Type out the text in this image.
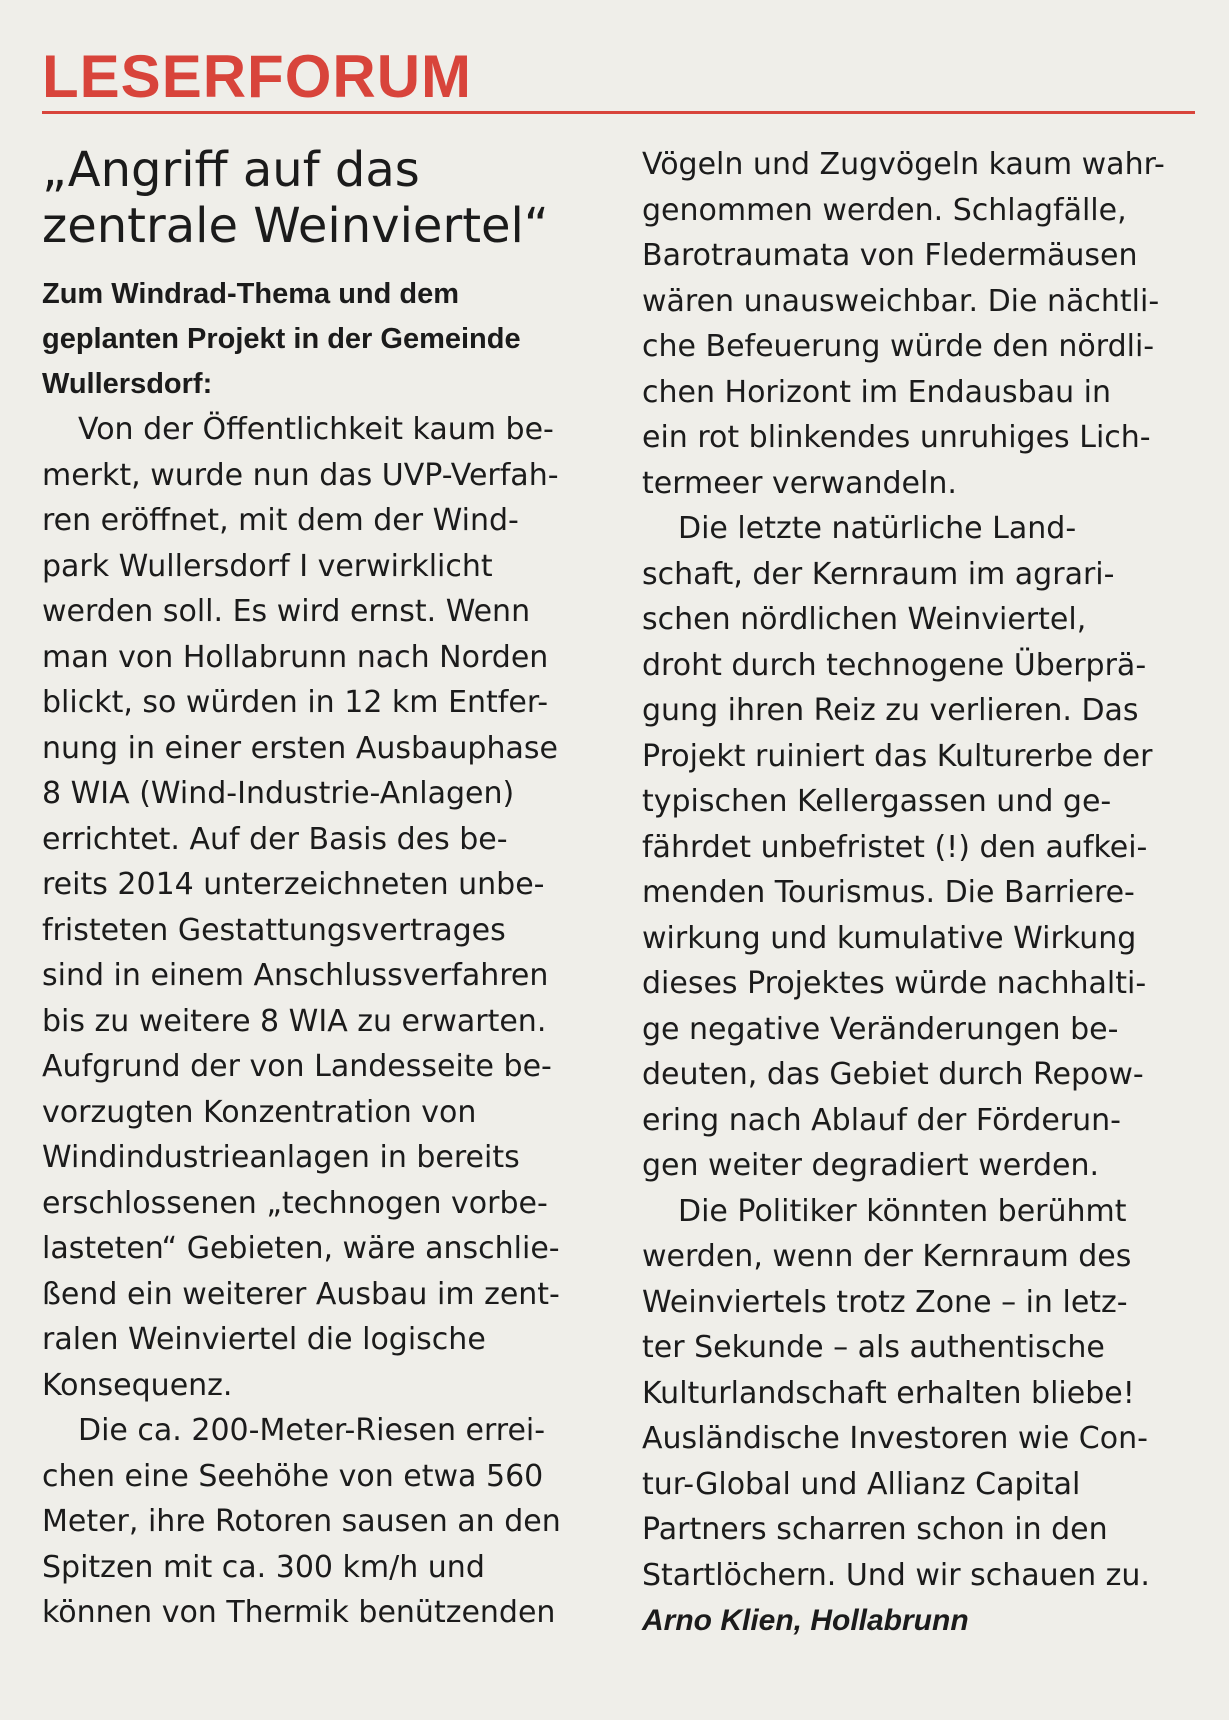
LESERFORUM
„Angriff auf das
zentrale Weinviertel“

Zum Windrad-Thema und dem
geplanten Projekt in der Gemeinde
Wullersdorf:

Von der Öffentlichkeit kaum be-
merkt, wurde nun das UVP-Verfah-
ren eröffnet, mit dem der Wind-
park Wullersdorf I verwirklicht
werden soll. Es wird ernst. Wenn
man von Hollabrunn nach Norden
blickt, so würden in 12 km Entfer-
nung in einer ersten Ausbauphase
8 WIA (Wind-Industrie-Anlagen)
errichtet. Auf der Basis des be-
reits 2014 unterzeichneten unbe-
fristeten Gestattungsvertrages
sind in einem Anschlussverfahren
bis zu weitere 8 WIA zu erwarten.
Aufgrund der von Landesseite be-
vorzugten Konzentration von
Windindustrieanlagen in bereits
erschlossenen „technogen vorbe-
lasteten“ Gebieten, wäre anschlie-
ßend ein weiterer Ausbau im zent-
ralen Weinviertel die logische
Konsequenz.
Die ca. 200-Meter-Riesen errei-
chen eine Seehöhe von etwa 560
Meter, ihre Rotoren sausen an den
Spitzen mit ca. 300 km/h und
können von Thermik benützenden
Vögeln und Zugvögeln kaum wahr-
genommen werden. Schlagfälle,
Barotraumata von Fledermäusen
wären unausweichbar. Die nächtli-
che Befeuerung würde den nördli-
chen Horizont im Endausbau in
ein rot blinkendes unruhiges Lich-
termeer verwandeln.
Die letzte natürliche Land-
schaft, der Kernraum im agrari-
schen nördlichen Weinviertel,
droht durch technogene Überprä-
gung ihren Reiz zu verlieren. Das
Projekt ruiniert das Kulturerbe der
typischen Kellergassen und ge-
fährdet unbefristet (!) den aufkei-
menden Tourismus. Die Barriere-
wirkung und kumulative Wirkung
dieses Projektes würde nachhalti-
ge negative Veränderungen be-
deuten, das Gebiet durch Repow-
ering nach Ablauf der Förderun-
gen weiter degradiert werden.
Die Politiker könnten berühmt
werden, wenn der Kernraum des
Weinviertels trotz Zone – in letz-
ter Sekunde – als authentische
Kulturlandschaft erhalten bliebe!
Ausländische Investoren wie Con-
tur-Global und Allianz Capital
Partners scharren schon in den
Startlöchern. Und wir schauen zu.

Arno Klien, Hollabrunn
